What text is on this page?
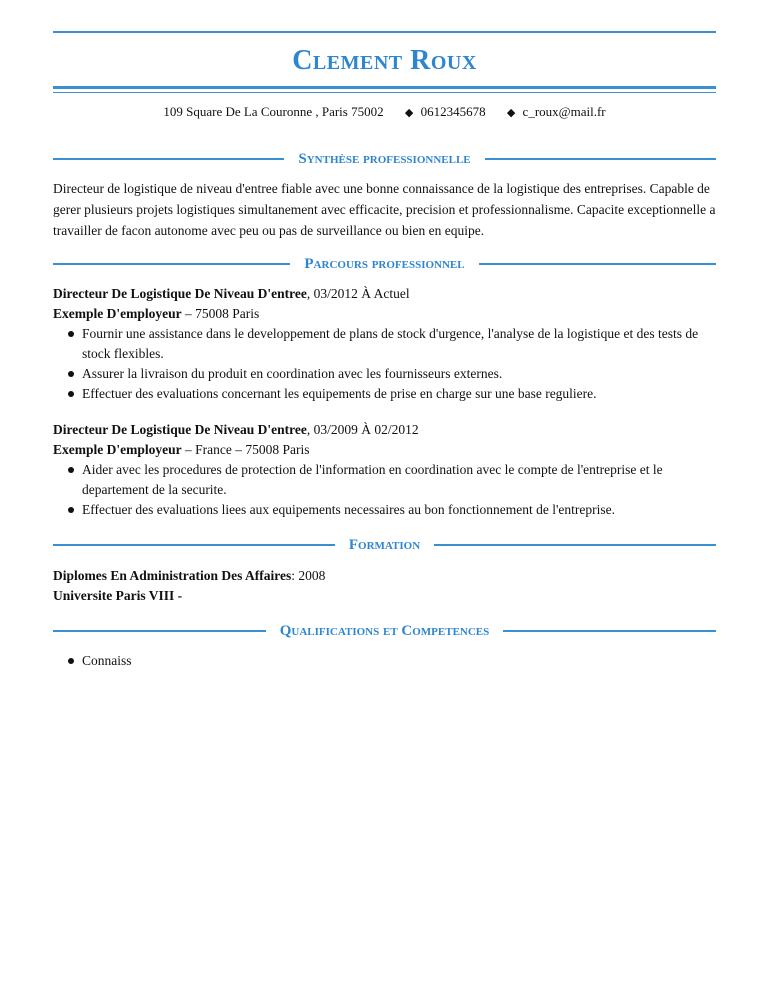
Clement Roux
109 Square De La Couronne , Paris 75002 ◆ 0612345678 ◆ c_roux@mail.fr
Synthèse professionnelle
Directeur de logistique de niveau d'entree fiable avec une bonne connaissance de la logistique des entreprises. Capable de gerer plusieurs projets logistiques simultanement avec efficacite, precision et professionnalisme. Capacite exceptionnelle a travailler de facon autonome avec peu ou pas de surveillance ou bien en equipe.
Parcours professionnel
Directeur De Logistique De Niveau D'entree, 03/2012 À Actuel
Exemple D'employeur – 75008 Paris
Fournir une assistance dans le developpement de plans de stock d'urgence, l'analyse de la logistique et des tests de stock flexibles.
Assurer la livraison du produit en coordination avec les fournisseurs externes.
Effectuer des evaluations concernant les equipements de prise en charge sur une base reguliere.
Directeur De Logistique De Niveau D'entree, 03/2009 À 02/2012
Exemple D'employeur – France – 75008 Paris
Aider avec les procedures de protection de l'information en coordination avec le compte de l'entreprise et le departement de la securite.
Effectuer des evaluations liees aux equipements necessaires au bon fonctionnement de l'entreprise.
Formation
Diplomes En Administration Des Affaires: 2008
Universite Paris VIII -
Qualifications et Competences
Connaiss
